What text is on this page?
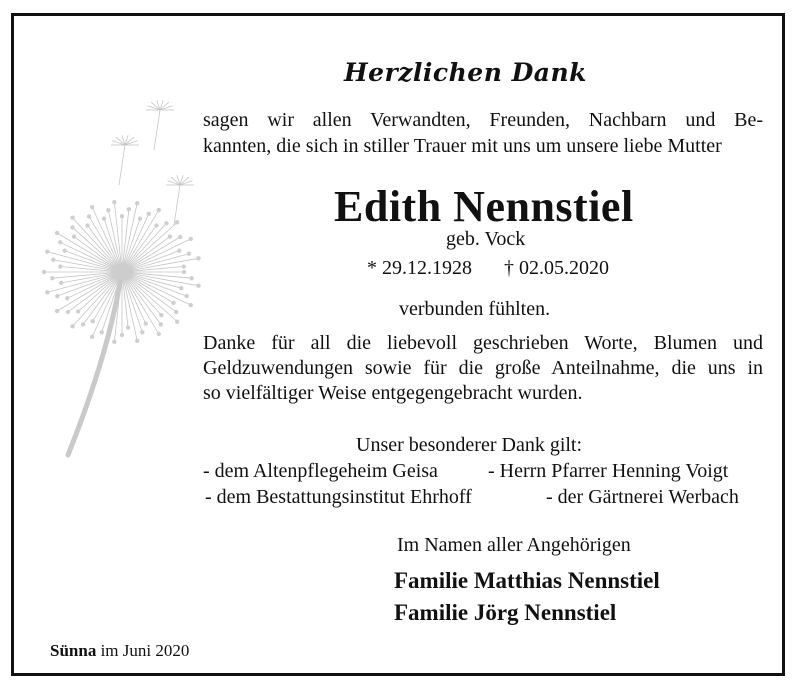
Herzlichen Dank
sagen wir allen Verwandten, Freunden, Nachbarn und Be-
kannten, die sich in stiller Trauer mit uns um unsere liebe Mutter
Edith Nennstiel
geb. Vock
* 29.12.1928 † 02.05.2020
verbunden fühlten.
Danke für all die liebevoll geschrieben Worte, Blumen und
Geldzuwendungen sowie für die große Anteilnahme, die uns in
so vielfältiger Weise entgegengebracht wurden.
Unser besonderer Dank gilt:
- dem Altenpflegeheim Geisa	- Herrn Pfarrer Henning Voigt
- dem Bestattungsinstitut Ehrhoff	- der Gärtnerei Werbach
Im Namen aller Angehörigen
Familie Matthias Nennstiel
Familie Jörg Nennstiel
Sünna im Juni 2020
